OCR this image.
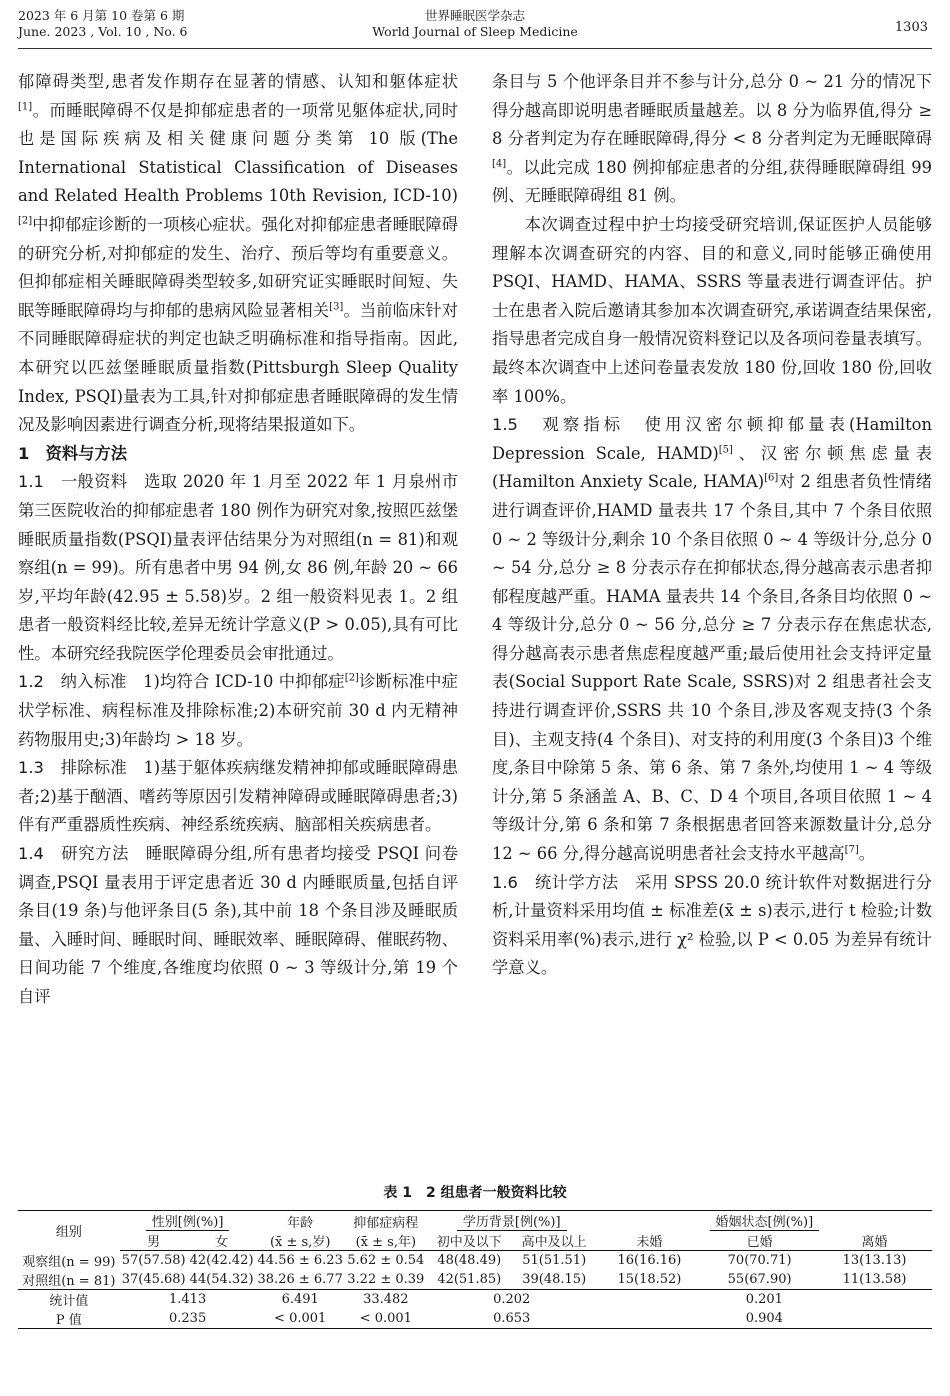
2023 年 6 月第 10 卷第 6 期
June. 2023 , Vol. 10 , No. 6
世界睡眠医学杂志
World Journal of Sleep Medicine	1303

郁障碍类型,患者发作期存在显著的情感、认知和躯体症状[1]。而睡眠障碍不仅是抑郁症患者的一项常见躯体症状,同时也是国际疾病及相关健康问题分类第 10 版(The International Statistical Classification of Diseases and Related Health Problems 10th Revision, ICD-10)[2]中抑郁症诊断的一项核心症状。强化对抑郁症患者睡眠障碍的研究分析,对抑郁症的发生、治疗、预后等均有重要意义。但抑郁症相关睡眠障碍类型较多,如研究证实睡眠时间短、失眠等睡眠障碍均与抑郁的患病风险显著相关[3]。当前临床针对不同睡眠障碍症状的判定也缺乏明确标准和指导指南。因此,本研究以匹兹堡睡眠质量指数(Pittsburgh Sleep Quality Index, PSQI)量表为工具,针对抑郁症患者睡眠障碍的发生情况及影响因素进行调查分析,现将结果报道如下。

1　资料与方法

1.1　一般资料　 选取 2020 年 1 月至 2022 年 1 月泉州市第三医院收治的抑郁症患者 180 例作为研究对象,按照匹兹堡睡眠质量指数(PSQI)量表评估结果分为对照组(n = 81)和观察组(n = 99)。所有患者中男 94 例,女 86 例,年龄 20 ~ 66 岁,平均年龄(42.95 ± 5.58)岁。2 组一般资料见表 1。2 组患者一般资料经比较,差异无统计学意义(P > 0.05),具有可比性。本研究经我院医学伦理委员会审批通过。

1.2　纳入标准　 1)均符合 ICD-10 中抑郁症[2]诊断标准中症状学标准、病程标准及排除标准;2)本研究前 30 d 内无精神药物服用史;3)年龄均 > 18 岁。

1.3　排除标准　 1)基于躯体疾病继发精神抑郁或睡眠障碍患者;2)基于酗酒、嗜药等原因引发精神障碍或睡眠障碍患者;3)伴有严重器质性疾病、神经系统疾病、脑部相关疾病患者。

1.4　研究方法　 睡眠障碍分组,所有患者均接受 PSQI 问卷调查,PSQI 量表用于评定患者近 30 d 内睡眠质量,包括自评条目(19 条)与他评条目(5 条),其中前 18 个条目涉及睡眠质量、入睡时间、睡眠时间、睡眠效率、睡眠障碍、催眠药物、日间功能 7 个维度,各维度均依照 0 ~ 3 等级计分,第 19 个自评

条目与 5 个他评条目并不参与计分,总分 0 ~ 21 分的情况下得分越高即说明患者睡眠质量越差。以 8 分为临界值,得分 ≥ 8 分者判定为存在睡眠障碍,得分 < 8 分者判定为无睡眠障碍[4]。以此完成 180 例抑郁症患者的分组,获得睡眠障碍组 99 例、无睡眠障碍组 81 例。

本次调查过程中护士均接受研究培训,保证医护人员能够理解本次调查研究的内容、目的和意义,同时能够正确使用 PSQI、HAMD、HAMA、SSRS 等量表进行调查评估。护士在患者入院后邀请其参加本次调查研究,承诺调查结果保密,指导患者完成自身一般情况资料登记以及各项问卷量表填写。最终本次调查中上述问卷量表发放 180 份,回收 180 份,回收率 100%。

1.5　观察指标　 使用汉密尔顿抑郁量表(Hamilton Depression Scale, HAMD)[5]、汉密尔顿焦虑量表(Hamilton Anxiety Scale, HAMA)[6]对 2 组患者负性情绪进行调查评价,HAMD 量表共 17 个条目,其中 7 个条目依照 0 ~ 2 等级计分,剩余 10 个条目依照 0 ~ 4 等级计分,总分 0 ~ 54 分,总分 ≥ 8 分表示存在抑郁状态,得分越高表示患者抑郁程度越严重。HAMA 量表共 14 个条目,各条目均依照 0 ~ 4 等级计分,总分 0 ~ 56 分,总分 ≥ 7 分表示存在焦虑状态,得分越高表示患者焦虑程度越严重;最后使用社会支持评定量表(Social Support Rate Scale, SSRS)对 2 组患者社会支持进行调查评价,SSRS 共 10 个条目,涉及客观支持(3 个条目)、主观支持(4 个条目)、对支持的利用度(3 个条目)3 个维度,条目中除第 5 条、第 6 条、第 7 条外,均使用 1 ~ 4 等级计分,第 5 条涵盖 A、B、C、D 4 个项目,各项目依照 1 ~ 4 等级计分,第 6 条和第 7 条根据患者回答来源数量计分,总分 12 ~ 66 分,得分越高说明患者社会支持水平越高[7]。

1.6　统计学方法　 采用 SPSS 20.0 统计软件对数据进行分析,计量资料采用均值 ± 标准差(x̄ ± s)表示,进行 t 检验;计数资料采用率(%)表示,进行 χ² 检验,以 P < 0.05 为差异有统计学意义。

表 1　2 组患者一般资料比较
组别	性别[例(%)]		年龄	抑郁症病程	学历背景[例(%)]		婚姻状态[例(%)]		
	男	女	(x̄ ± s,岁)	(x̄ ± s,年)	初中及以下	高中及以上	未婚	已婚	离婚
观察组(n = 99)	57(57.58)	42(42.42)	44.56 ± 6.23	5.62 ± 0.54	48(48.49)	51(51.51)	16(16.16)	70(70.71)	13(13.13)
对照组(n = 81)	37(45.68)	44(54.32)	38.26 ± 6.77	3.22 ± 0.39	42(51.85)	39(48.15)	15(18.52)	55(67.90)	11(13.58)
统计值	1.413		6.491	33.482	0.202		0.201		
P 值	0.235		< 0.001	< 0.001	0.653		0.904		
